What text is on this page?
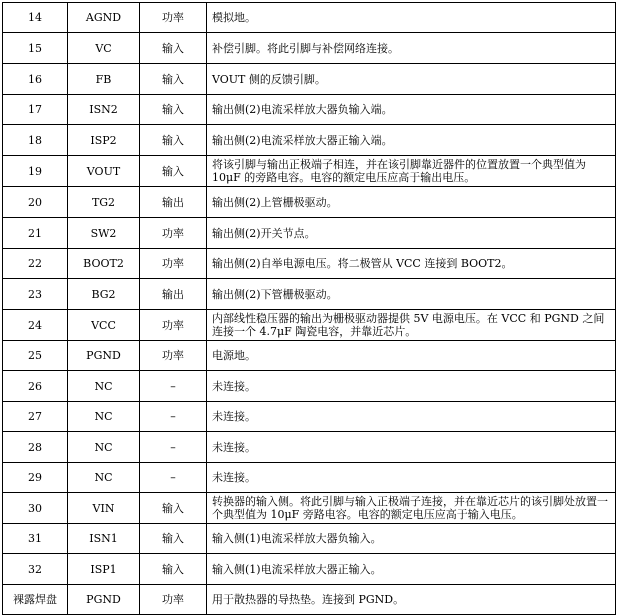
14	AGND	功率	模拟地。
15	VC	输入	补偿引脚。将此引脚与补偿网络连接。
16	FB	输入	VOUT 侧的反馈引脚。
17	ISN2	输入	输出侧(2)电流采样放大器负输入端。
18	ISP2	输入	输出侧(2)电流采样放大器正输入端。
19	VOUT	输入	将该引脚与输出正极端子相连，并在该引脚靠近器件的位置放置一个典型值为 10μF 的旁路电容。电容的额定电压应高于输出电压。
20	TG2	输出	输出侧(2)上管栅极驱动。
21	SW2	功率	输出侧(2)开关节点。
22	BOOT2	功率	输出侧(2)自举电源电压。将二极管从 VCC 连接到 BOOT2。
23	BG2	输出	输出侧(2)下管栅极驱动。
24	VCC	功率	内部线性稳压器的输出为栅极驱动器提供 5V 电源电压。在 VCC 和 PGND 之间连接一个 4.7μF 陶瓷电容，并靠近芯片。
25	PGND	功率	电源地。
26	NC	–	未连接。
27	NC	–	未连接。
28	NC	–	未连接。
29	NC	–	未连接。
30	VIN	输入	转换器的输入侧。将此引脚与输入正极端子连接，并在靠近芯片的该引脚处放置一个典型值为 10μF 旁路电容。电容的额定电压应高于输入电压。
31	ISN1	输入	输入侧(1)电流采样放大器负输入。
32	ISP1	输入	输入侧(1)电流采样放大器正输入。
裸露焊盘	PGND	功率	用于散热器的导热垫。连接到 PGND。
